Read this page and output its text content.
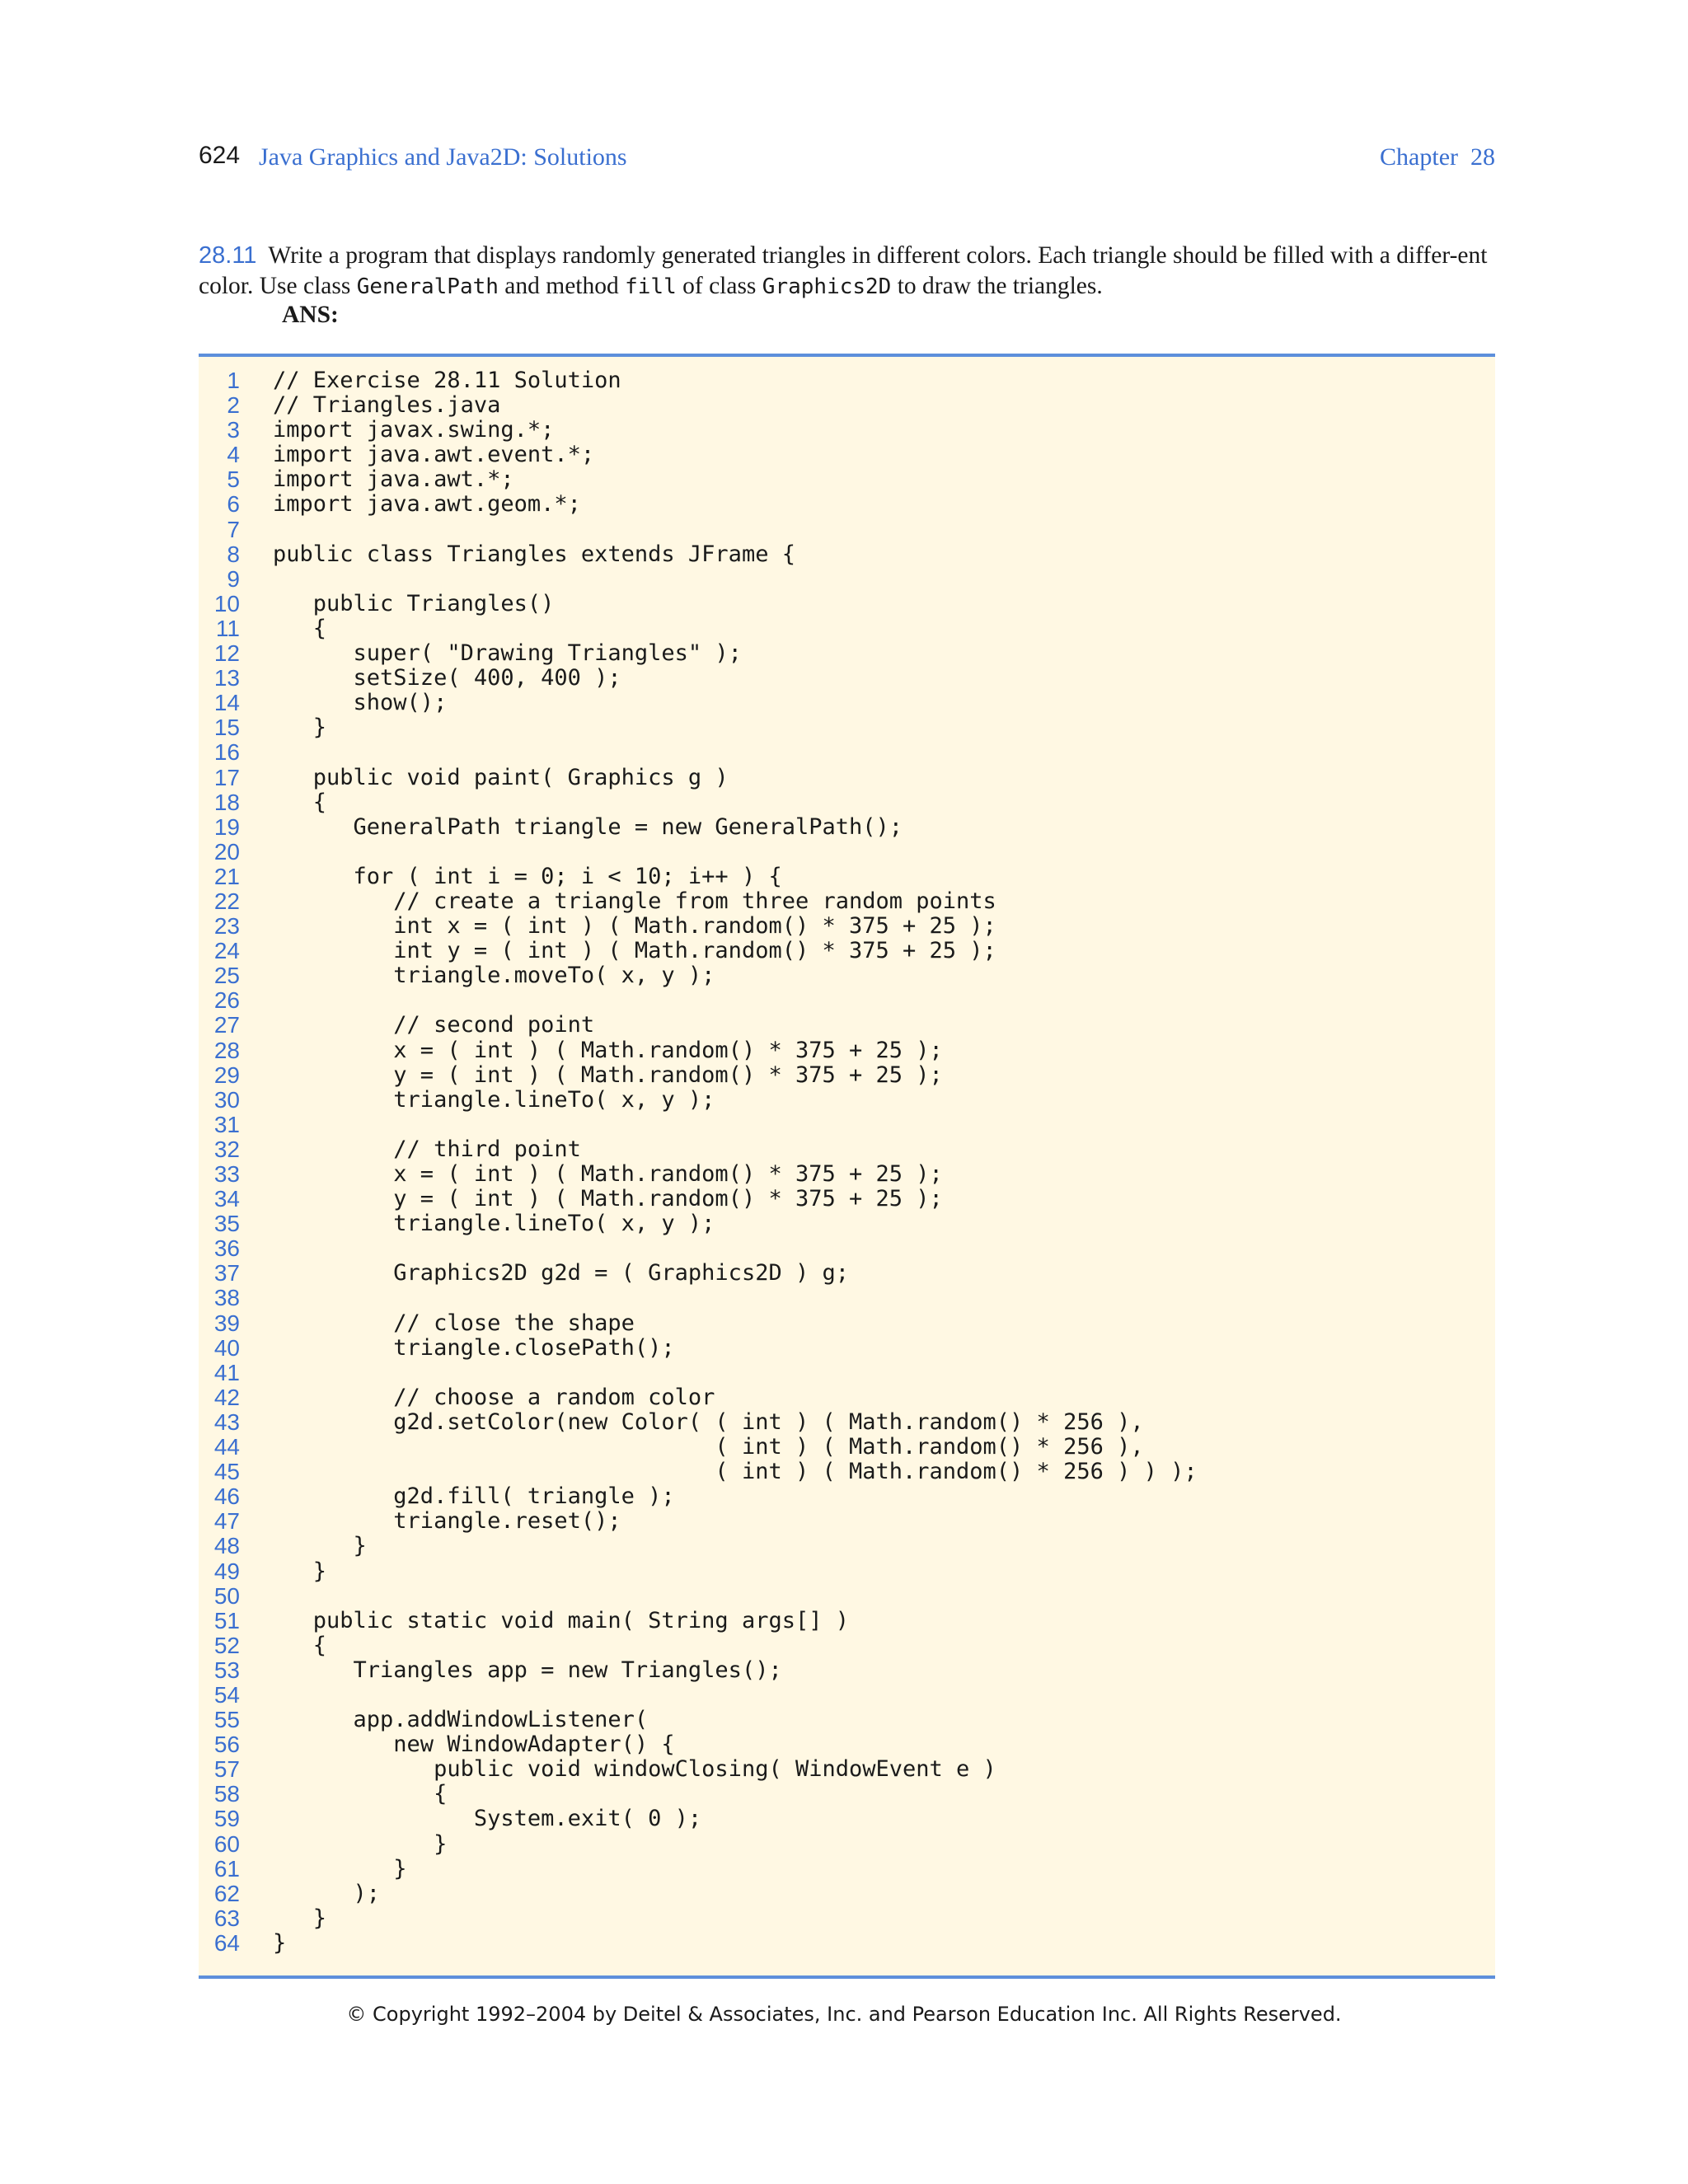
624 Java Graphics and Java2D: Solutions	Chapter  28
28.11 Write a program that displays randomly generated triangles in different colors. Each triangle should be filled with a differ-ent color. Use class GeneralPath and method fill of class Graphics2D to draw the triangles.
ANS:
1 // Exercise 28.11 Solution
2 // Triangles.java
3 import javax.swing.*;
4 import java.awt.event.*;
5 import java.awt.*;
6 import java.awt.geom.*;
7
8 public class Triangles extends JFrame {
9
10 public Triangles()
11 {
12 super( "Drawing Triangles" );
13 setSize( 400, 400 );
14 show();
15 }
16
17 public void paint( Graphics g )
18 {
19 GeneralPath triangle = new GeneralPath();
20
21 for ( int i = 0; i < 10; i++ ) {
22 // create a triangle from three random points
23 int x = ( int ) ( Math.random() * 375 + 25 );
24 int y = ( int ) ( Math.random() * 375 + 25 );
25 triangle.moveTo( x, y );
26
27 // second point
28 x = ( int ) ( Math.random() * 375 + 25 );
29 y = ( int ) ( Math.random() * 375 + 25 );
30 triangle.lineTo( x, y );
31
32 // third point
33 x = ( int ) ( Math.random() * 375 + 25 );
34 y = ( int ) ( Math.random() * 375 + 25 );
35 triangle.lineTo( x, y );
36
37 Graphics2D g2d = ( Graphics2D ) g;
38
39 // close the shape
40 triangle.closePath();
41
42 // choose a random color
43 g2d.setColor(new Color( ( int ) ( Math.random() * 256 ),
44 ( int ) ( Math.random() * 256 ),
45 ( int ) ( Math.random() * 256 ) ) );
46 g2d.fill( triangle );
47 triangle.reset();
48 }
49 }
50
51 public static void main( String args[] )
52 {
53 Triangles app = new Triangles();
54
55 app.addWindowListener(
56 new WindowAdapter() {
57 public void windowClosing( WindowEvent e )
58 {
59 System.exit( 0 );
60 }
61 }
62 );
63 }
64 }
© Copyright 1992–2004 by Deitel & Associates, Inc. and Pearson Education Inc. All Rights Reserved.
